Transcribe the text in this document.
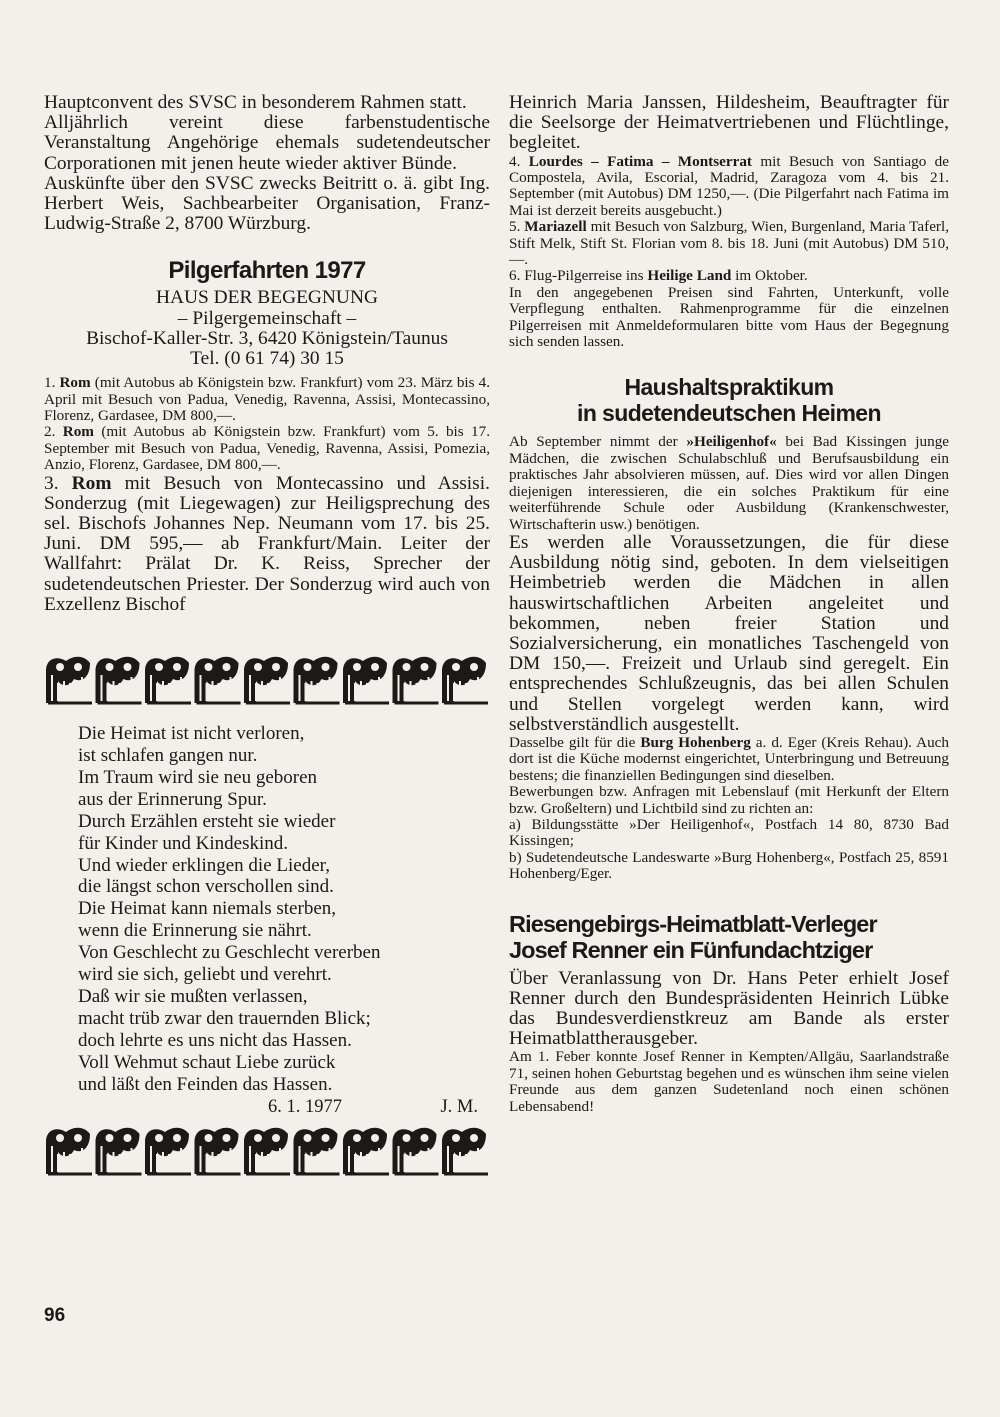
Hauptconvent des SVSC in besonderem Rahmen statt.

Alljährlich vereint diese farbenstudentische Veranstaltung Angehörige ehemals sudetendeutscher Corporationen mit jenen heute wieder aktiver Bünde.

Auskünfte über den SVSC zwecks Beitritt o. ä. gibt Ing. Herbert Weis, Sachbearbeiter Organisation, Franz-Ludwig-Straße 2, 8700 Würzburg.

Pilgerfahrten 1977

HAUS DER BEGEGNUNG

– Pilgergemeinschaft –

Bischof-Kaller-Str. 3, 6420 Königstein/Taunus

Tel. (0 61 74) 30 15

1. Rom (mit Autobus ab Königstein bzw. Frankfurt) vom 23. März bis 4. April mit Besuch von Padua, Venedig, Ravenna, Assisi, Montecassino, Florenz, Gardasee, DM 800,—.

2. Rom (mit Autobus ab Königstein bzw. Frankfurt) vom 5. bis 17. September mit Besuch von Padua, Venedig, Ravenna, Assisi, Pomezia, Anzio, Florenz, Gardasee, DM 800,—.

3. Rom mit Besuch von Montecassino und Assisi. Sonderzug (mit Liegewagen) zur Heiligsprechung des sel. Bischofs Johannes Nep. Neumann vom 17. bis 25. Juni. DM 595,— ab Frankfurt/Main. Leiter der Wallfahrt: Prälat Dr. K. Reiss, Sprecher der sudetendeutschen Priester. Der Sonderzug wird auch von Exzellenz Bischof

Die Heimat ist nicht verloren,
ist schlafen gangen nur.
Im Traum wird sie neu geboren
aus der Erinnerung Spur.
Durch Erzählen ersteht sie wieder
für Kinder und Kindeskind.
Und wieder erklingen die Lieder,
die längst schon verschollen sind.
Die Heimat kann niemals sterben,
wenn die Erinnerung sie nährt.
Von Geschlecht zu Geschlecht vererben
wird sie sich, geliebt und verehrt.
Daß wir sie mußten verlassen,
macht trüb zwar den trauernden Blick;
doch lehrte es uns nicht das Hassen.
Voll Wehmut schaut Liebe zurück
und läßt den Feinden das Hassen.
6. 1. 1977	J. M.

Heinrich Maria Janssen, Hildesheim, Beauftragter für die Seelsorge der Heimatvertriebenen und Flüchtlinge, begleitet.

4. Lourdes – Fatima – Montserrat mit Besuch von Santiago de Compostela, Avila, Escorial, Madrid, Zaragoza vom 4. bis 21. September (mit Autobus) DM 1250,—. (Die Pilgerfahrt nach Fatima im Mai ist derzeit bereits ausgebucht.)

5. Mariazell mit Besuch von Salzburg, Wien, Burgenland, Maria Taferl, Stift Melk, Stift St. Florian vom 8. bis 18. Juni (mit Autobus) DM 510,—.

6. Flug-Pilgerreise ins Heilige Land im Oktober.

In den angegebenen Preisen sind Fahrten, Unterkunft, volle Verpflegung enthalten. Rahmenprogramme für die einzelnen Pilgerreisen mit Anmeldeformularen bitte vom Haus der Begegnung sich senden lassen.

Haushaltspraktikum
in sudetendeutschen Heimen

Ab September nimmt der »Heiligenhof« bei Bad Kissingen junge Mädchen, die zwischen Schulabschluß und Berufsausbildung ein praktisches Jahr absolvieren müssen, auf. Dies wird vor allen Dingen diejenigen interessieren, die ein solches Praktikum für eine weiterführende Schule oder Ausbildung (Krankenschwester, Wirtschafterin usw.) benötigen.

Es werden alle Voraussetzungen, die für diese Ausbildung nötig sind, geboten. In dem vielseitigen Heimbetrieb werden die Mädchen in allen hauswirtschaftlichen Arbeiten angeleitet und bekommen, neben freier Station und Sozialversicherung, ein monatliches Taschengeld von DM 150,—. Freizeit und Urlaub sind geregelt. Ein entsprechendes Schlußzeugnis, das bei allen Schulen und Stellen vorgelegt werden kann, wird selbstverständlich ausgestellt.

Dasselbe gilt für die Burg Hohenberg a. d. Eger (Kreis Rehau). Auch dort ist die Küche modernst eingerichtet, Unterbringung und Betreuung bestens; die finanziellen Bedingungen sind dieselben.

Bewerbungen bzw. Anfragen mit Lebenslauf (mit Herkunft der Eltern bzw. Großeltern) und Lichtbild sind zu richten an:

a) Bildungsstätte »Der Heiligenhof«, Postfach 14 80, 8730 Bad Kissingen;

b) Sudetendeutsche Landeswarte »Burg Hohenberg«, Postfach 25, 8591 Hohenberg/Eger.

Riesengebirgs-Heimatblatt-Verleger
Josef Renner ein Fünfundachtziger

Über Veranlassung von Dr. Hans Peter erhielt Josef Renner durch den Bundespräsidenten Heinrich Lübke das Bundesverdienstkreuz am Bande als erster Heimatblattherausgeber.

Am 1. Feber konnte Josef Renner in Kempten/Allgäu, Saarlandstraße 71, seinen hohen Geburtstag begehen und es wünschen ihm seine vielen Freunde aus dem ganzen Sudetenland noch einen schönen Lebensabend!

96
